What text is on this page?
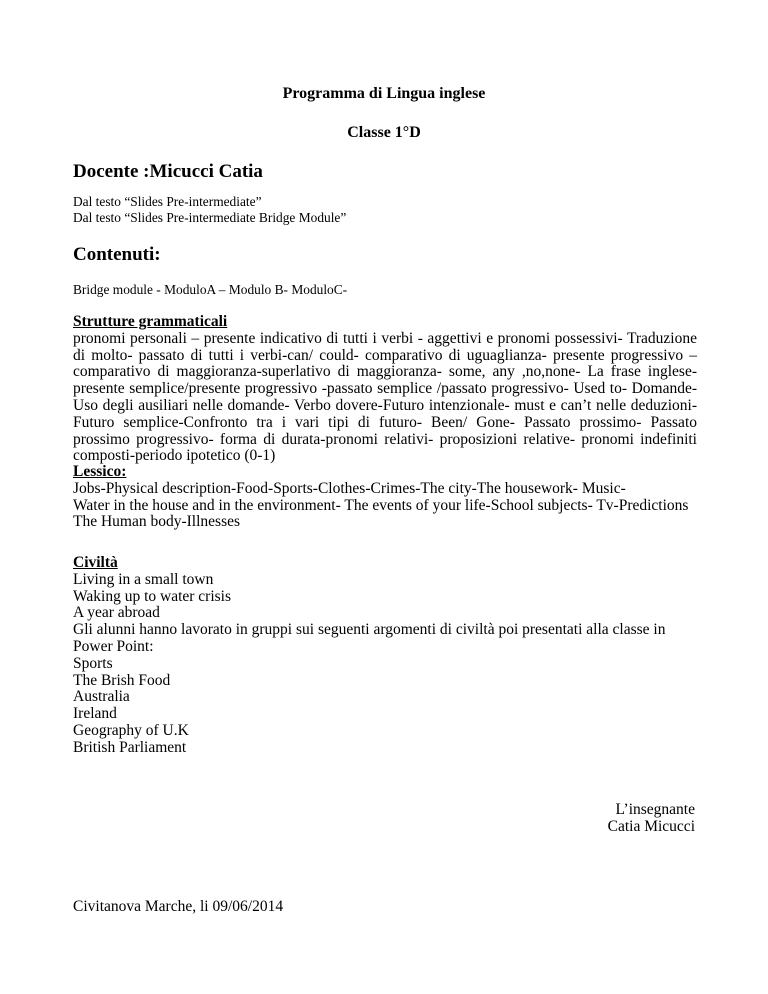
Programma di Lingua inglese
Classe 1°D
Docente :Micucci Catia
Dal testo “Slides Pre-intermediate”
Dal testo “Slides Pre-intermediate Bridge Module”
Contenuti:
Bridge module - ModuloA – Modulo B- ModuloC-
Strutture grammaticali
pronomi personali – presente indicativo di tutti i verbi - aggettivi e pronomi possessivi- Traduzione
di molto- passato di tutti i verbi-can/ could- comparativo di uguaglianza- presente progressivo –
comparativo di maggioranza-superlativo di maggioranza- some, any ,no,none- La frase inglese-
presente semplice/presente progressivo -passato semplice /passato progressivo- Used to- Domande-
Uso degli ausiliari nelle domande- Verbo dovere-Futuro intenzionale- must e can’t nelle deduzioni-
Futuro semplice-Confronto tra i vari tipi di futuro- Been/ Gone- Passato prossimo- Passato
prossimo progressivo- forma di durata-pronomi relativi- proposizioni relative- pronomi indefiniti
composti-periodo ipotetico (0-1)
Lessico:
Jobs-Physical description-Food-Sports-Clothes-Crimes-The city-The housework- Music-
Water in the house and in the environment- The events of your life-School subjects- Tv-Predictions
The Human body-Illnesses
Civiltà
Living in a small town
Waking up to water crisis
A year abroad
Gli alunni hanno lavorato in gruppi sui seguenti argomenti di civiltà poi presentati alla classe in
Power Point:
Sports
The Brish Food
Australia
Ireland
Geography of U.K
British Parliament
L’insegnante
Catia Micucci
Civitanova Marche, li 09/06/2014
